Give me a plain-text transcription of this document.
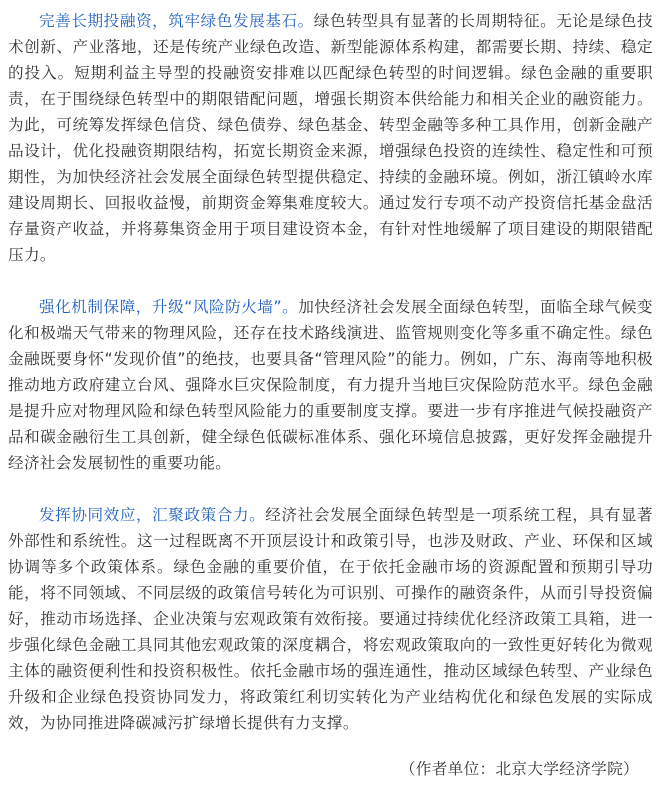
完善长期投融资，筑牢绿色发展基石。绿色转型具有显著的长周期特征。无论是绿色技术创新、产业落地，还是传统产业绿色改造、新型能源体系构建，都需要长期、持续、稳定的投入。短期利益主导型的投融资安排难以匹配绿色转型的时间逻辑。绿色金融的重要职责，在于围绕绿色转型中的期限错配问题，增强长期资本供给能力和相关企业的融资能力。为此，可统筹发挥绿色信贷、绿色债券、绿色基金、转型金融等多种工具作用，创新金融产品设计，优化投融资期限结构，拓宽长期资金来源，增强绿色投资的连续性、稳定性和可预期性，为加快经济社会发展全面绿色转型提供稳定、持续的金融环境。例如，浙江镇岭水库建设周期长、回报收益慢，前期资金筹集难度较大。通过发行专项不动产投资信托基金盘活存量资产收益，并将募集资金用于项目建设资本金，有针对性地缓解了项目建设的期限错配压力。

强化机制保障，升级“风险防火墙”。加快经济社会发展全面绿色转型，面临全球气候变化和极端天气带来的物理风险，还存在技术路线演进、监管规则变化等多重不确定性。绿色金融既要身怀“发现价值”的绝技，也要具备“管理风险”的能力。例如，广东、海南等地积极推动地方政府建立台风、强降水巨灾保险制度，有力提升当地巨灾保险防范水平。绿色金融是提升应对物理风险和绿色转型风险能力的重要制度支撑。要进一步有序推进气候投融资产品和碳金融衍生工具创新，健全绿色低碳标准体系、强化环境信息披露，更好发挥金融提升经济社会发展韧性的重要功能。

发挥协同效应，汇聚政策合力。经济社会发展全面绿色转型是一项系统工程，具有显著外部性和系统性。这一过程既离不开顶层设计和政策引导，也涉及财政、产业、环保和区域协调等多个政策体系。绿色金融的重要价值，在于依托金融市场的资源配置和预期引导功能，将不同领域、不同层级的政策信号转化为可识别、可操作的融资条件，从而引导投资偏好，推动市场选择、企业决策与宏观政策有效衔接。要通过持续优化经济政策工具箱，进一步强化绿色金融工具同其他宏观政策的深度耦合，将宏观政策取向的一致性更好转化为微观主体的融资便利性和投资积极性。依托金融市场的强连通性，推动区域绿色转型、产业绿色升级和企业绿色投资协同发力，将政策红利切实转化为产业结构优化和绿色发展的实际成效，为协同推进降碳减污扩绿增长提供有力支撑。

（作者单位：北京大学经济学院）
